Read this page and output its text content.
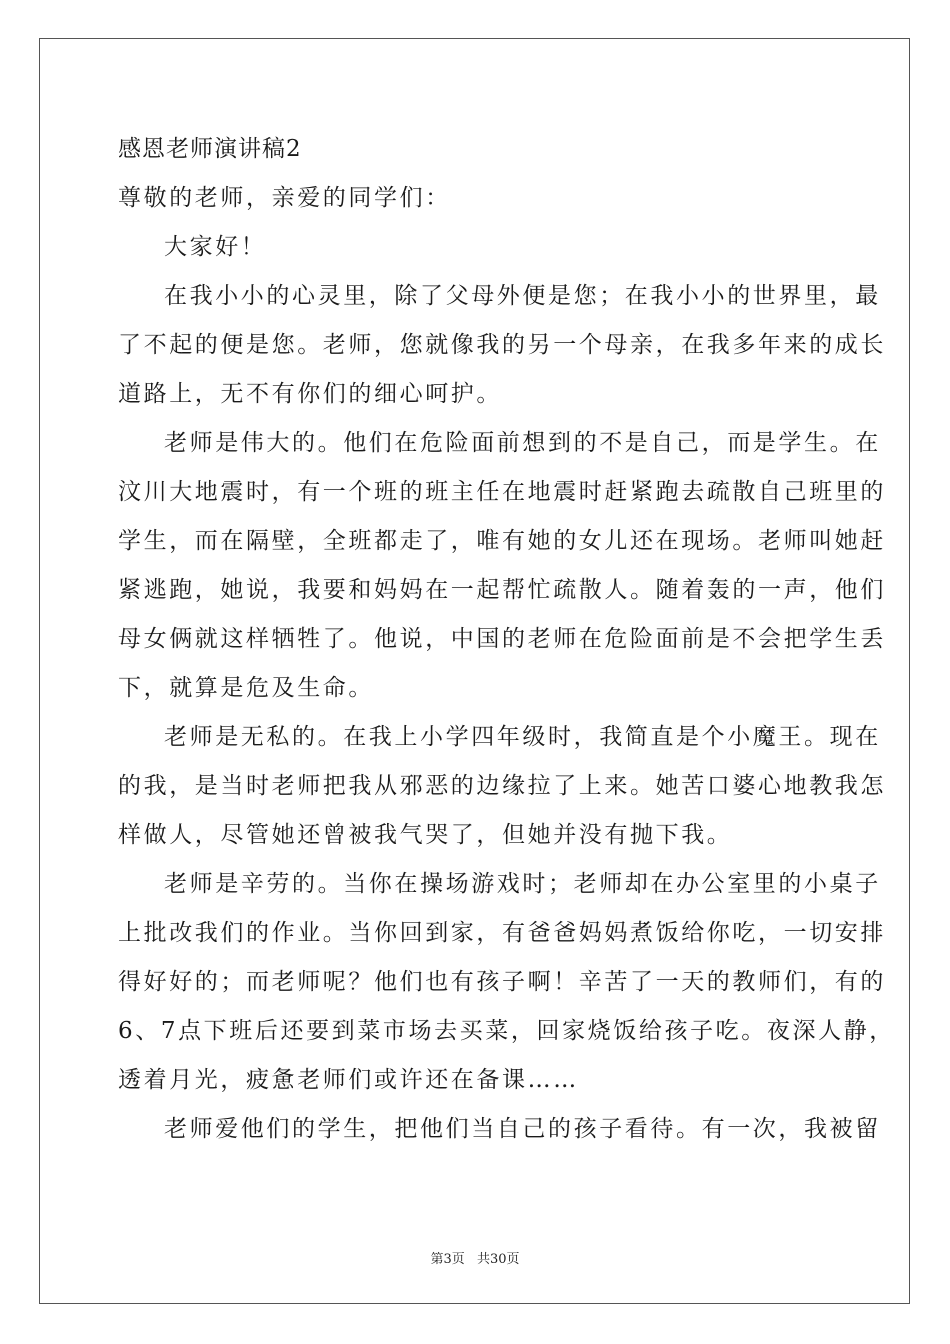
感恩老师演讲稿2
尊敬的老师，亲爱的同学们：
大家好！
在我小小的心灵里，除了父母外便是您；在我小小的世界里，最
了不起的便是您。老师，您就像我的另一个母亲，在我多年来的成长
道路上，无不有你们的细心呵护。
老师是伟大的。他们在危险面前想到的不是自己，而是学生。在
汶川大地震时，有一个班的班主任在地震时赶紧跑去疏散自己班里的
学生，而在隔壁，全班都走了，唯有她的女儿还在现场。老师叫她赶
紧逃跑，她说，我要和妈妈在一起帮忙疏散人。随着轰的一声，他们
母女俩就这样牺牲了。他说，中国的老师在危险面前是不会把学生丢
下，就算是危及生命。
老师是无私的。在我上小学四年级时，我简直是个小魔王。现在
的我，是当时老师把我从邪恶的边缘拉了上来。她苦口婆心地教我怎
样做人，尽管她还曾被我气哭了，但她并没有抛下我。
老师是辛劳的。当你在操场游戏时；老师却在办公室里的小桌子
上批改我们的作业。当你回到家，有爸爸妈妈煮饭给你吃，一切安排
得好好的；而老师呢？他们也有孩子啊！辛苦了一天的教师们，有的
6、7点下班后还要到菜市场去买菜，回家烧饭给孩子吃。夜深人静，
透着月光，疲惫老师们或许还在备课……
老师爱他们的学生，把他们当自己的孩子看待。有一次，我被留
第3页 共30页
